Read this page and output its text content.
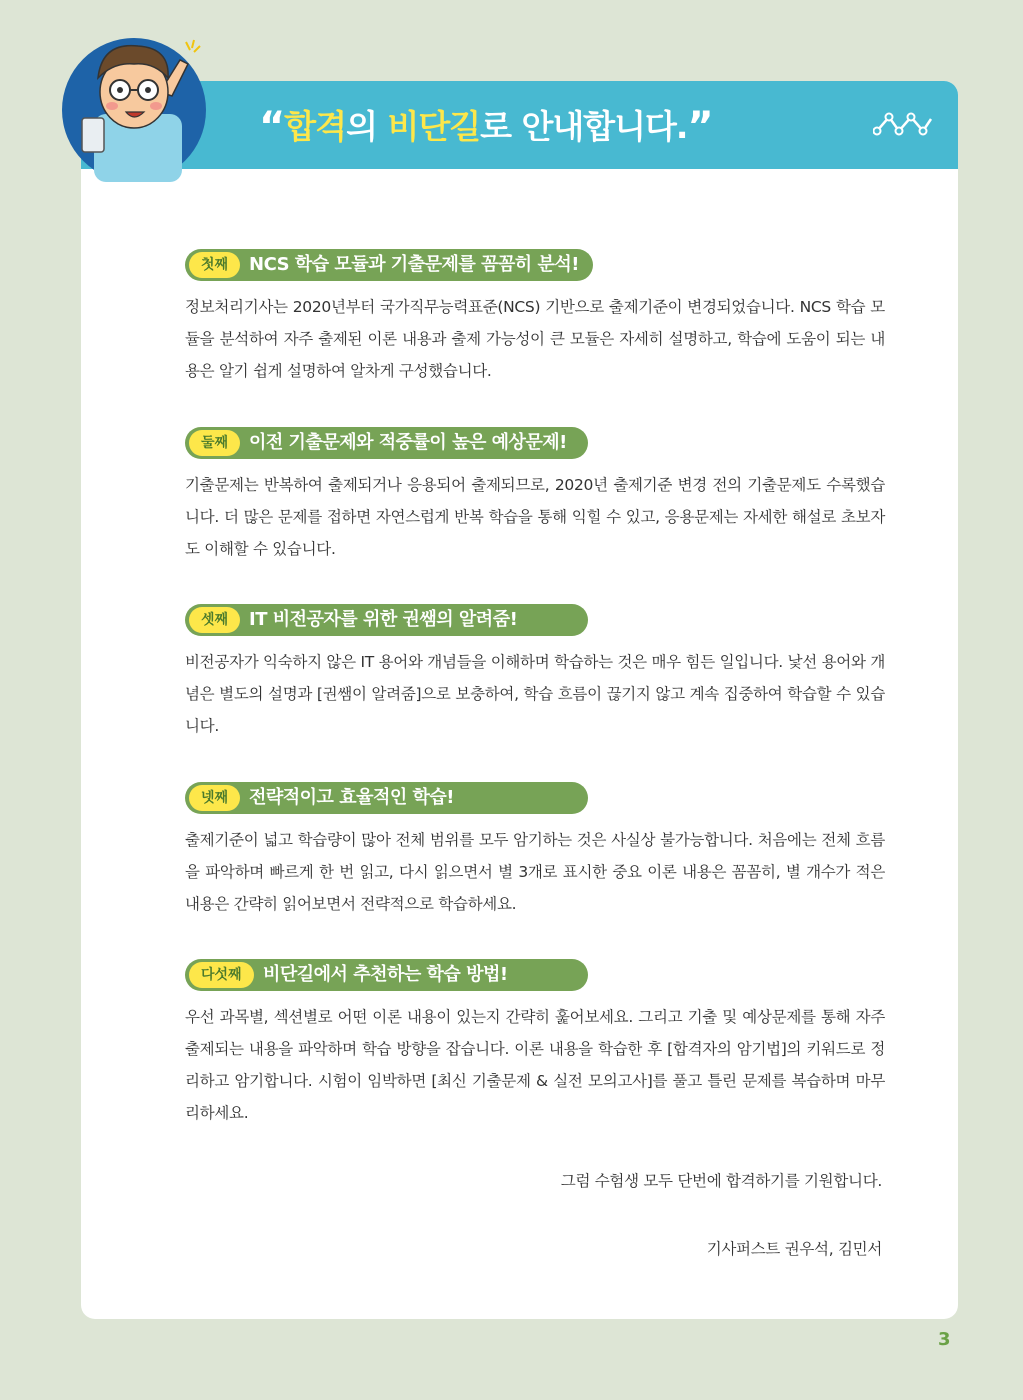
“합격의 비단길로 안내합니다.”
첫째	NCS 학습 모듈과 기출문제를 꼼꼼히 분석!
정보처리기사는 2020년부터 국가직무능력표준(NCS) 기반으로 출제기준이 변경되었습니다. NCS 학습 모듈을 분석하여 자주 출제된 이론 내용과 출제 가능성이 큰 모듈은 자세히 설명하고, 학습에 도움이 되는 내용은 알기 쉽게 설명하여 알차게 구성했습니다.
둘째	이전 기출문제와 적중률이 높은 예상문제!
기출문제는 반복하여 출제되거나 응용되어 출제되므로, 2020년 출제기준 변경 전의 기출문제도 수록했습니다. 더 많은 문제를 접하면 자연스럽게 반복 학습을 통해 익힐 수 있고, 응용문제는 자세한 해설로 초보자도 이해할 수 있습니다.
셋째	IT 비전공자를 위한 권쌤의 알려줌!
비전공자가 익숙하지 않은 IT 용어와 개념들을 이해하며 학습하는 것은 매우 힘든 일입니다. 낯선 용어와 개념은 별도의 설명과 [권쌤이 알려줌]으로 보충하여, 학습 흐름이 끊기지 않고 계속 집중하여 학습할 수 있습니다.
넷째	전략적이고 효율적인 학습!
출제기준이 넓고 학습량이 많아 전체 범위를 모두 암기하는 것은 사실상 불가능합니다. 처음에는 전체 흐름을 파악하며 빠르게 한 번 읽고, 다시 읽으면서 별 3개로 표시한 중요 이론 내용은 꼼꼼히, 별 개수가 적은 내용은 간략히 읽어보면서 전략적으로 학습하세요.
다섯째	비단길에서 추천하는 학습 방법!
우선 과목별, 섹션별로 어떤 이론 내용이 있는지 간략히 훑어보세요. 그리고 기출 및 예상문제를 통해 자주 출제되는 내용을 파악하며 학습 방향을 잡습니다. 이론 내용을 학습한 후 [합격자의 암기법]의 키워드로 정리하고 암기합니다. 시험이 임박하면 [최신 기출문제 & 실전 모의고사]를 풀고 틀린 문제를 복습하며 마무리하세요.
그럼 수험생 모두 단번에 합격하기를 기원합니다.
기사퍼스트 권우석, 김민서
3
